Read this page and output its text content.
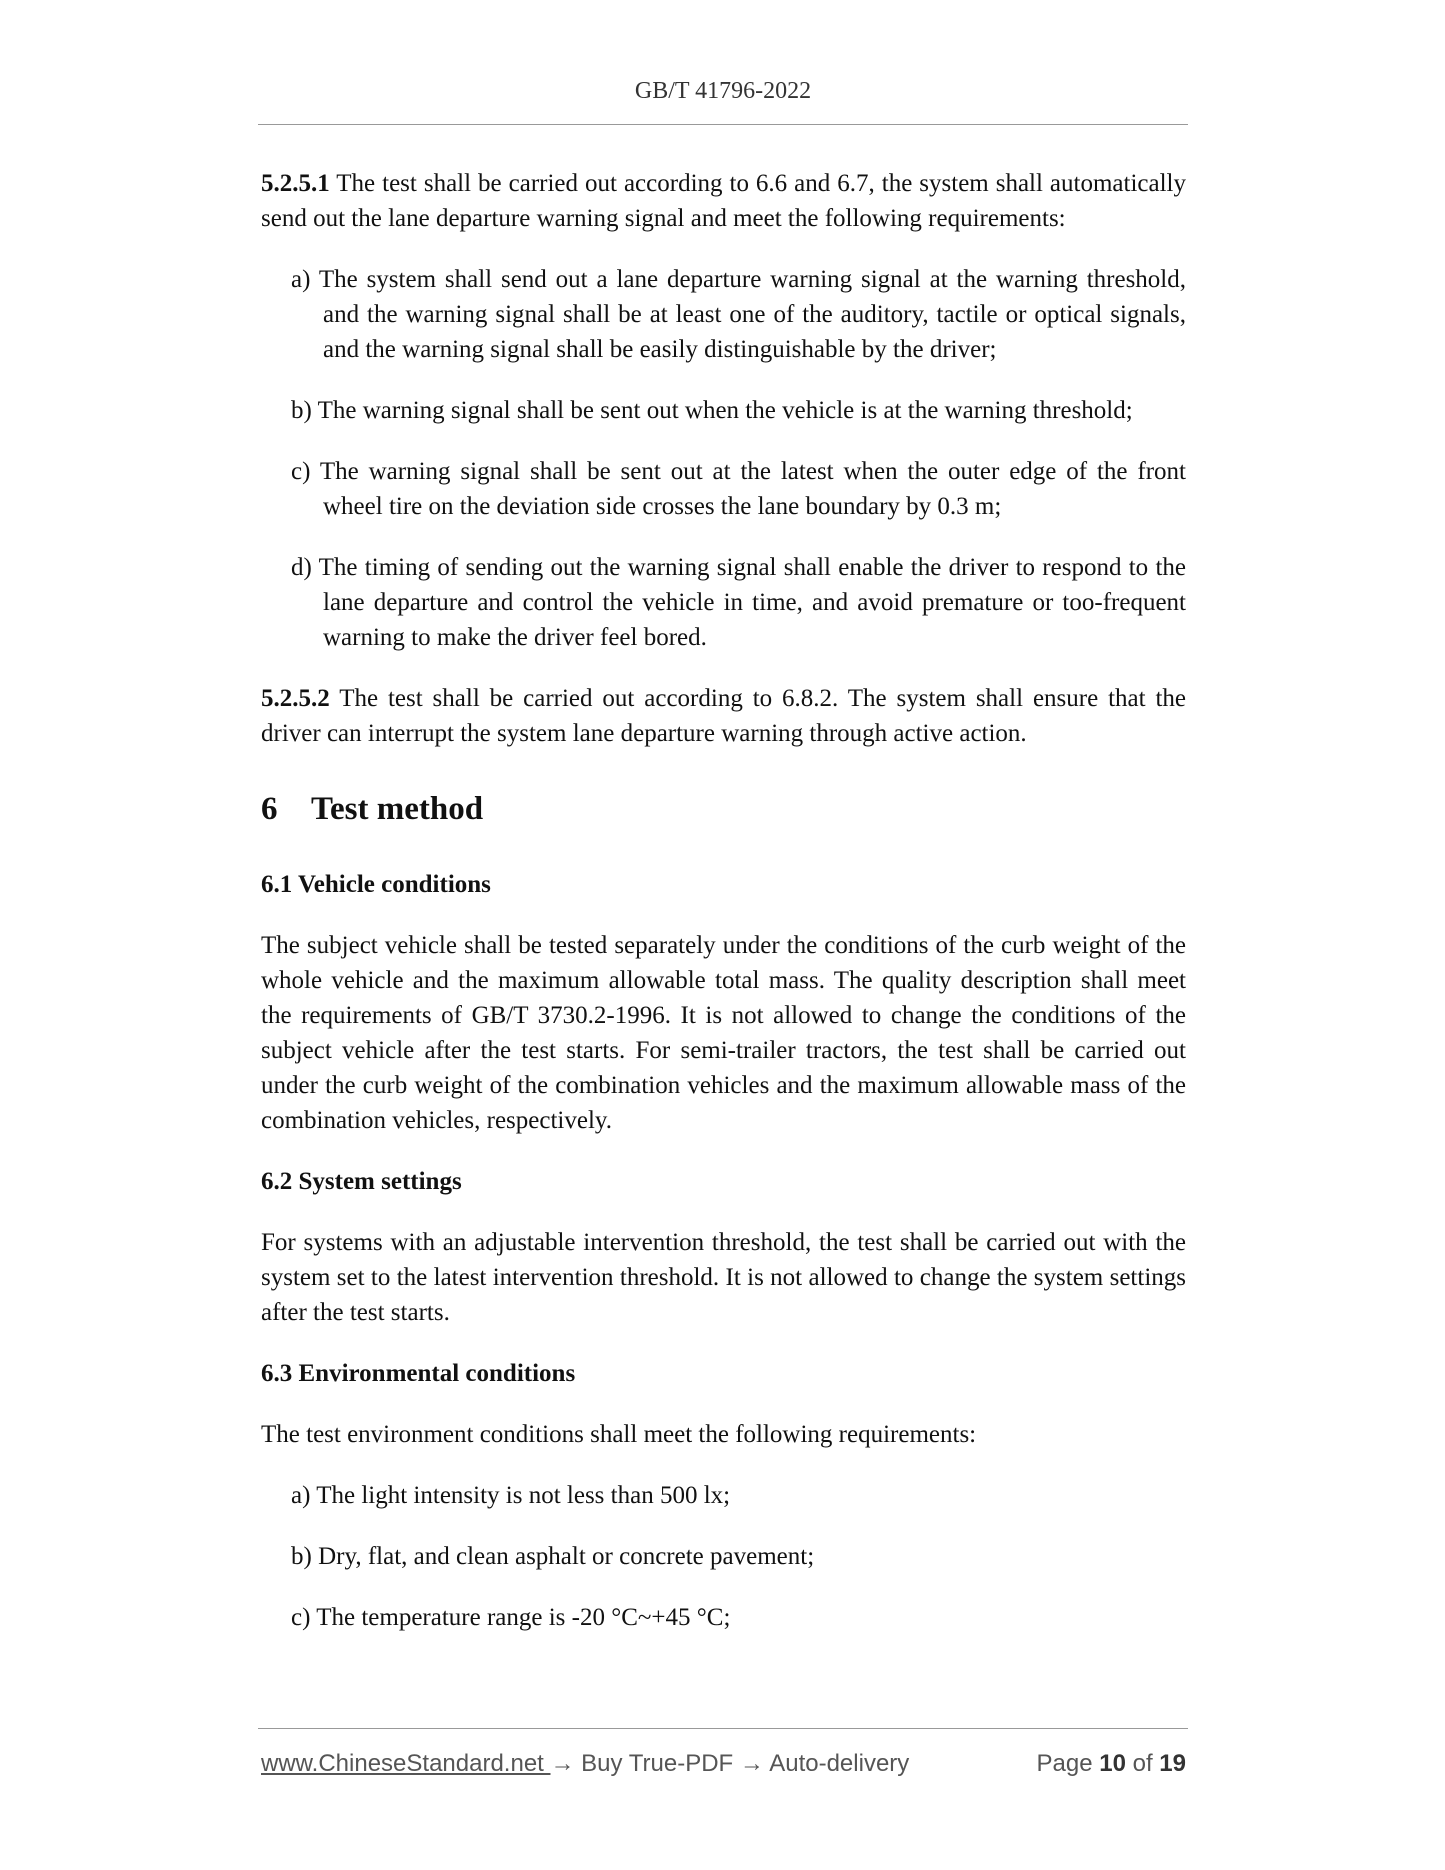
GB/T 41796-2022

5.2.5.1 The test shall be carried out according to 6.6 and 6.7, the system shall automatically send out the lane departure warning signal and meet the following requirements:

a) The system shall send out a lane departure warning signal at the warning threshold, and the warning signal shall be at least one of the auditory, tactile or optical signals, and the warning signal shall be easily distinguishable by the driver;

b) The warning signal shall be sent out when the vehicle is at the warning threshold;

c) The warning signal shall be sent out at the latest when the outer edge of the front wheel tire on the deviation side crosses the lane boundary by 0.3 m;

d) The timing of sending out the warning signal shall enable the driver to respond to the lane departure and control the vehicle in time, and avoid premature or too-frequent warning to make the driver feel bored.

5.2.5.2 The test shall be carried out according to 6.8.2. The system shall ensure that the driver can interrupt the system lane departure warning through active action.

6 Test method

6.1 Vehicle conditions

The subject vehicle shall be tested separately under the conditions of the curb weight of the whole vehicle and the maximum allowable total mass. The quality description shall meet the requirements of GB/T 3730.2-1996. It is not allowed to change the conditions of the subject vehicle after the test starts. For semi-trailer tractors, the test shall be carried out under the curb weight of the combination vehicles and the maximum allowable mass of the combination vehicles, respectively.

6.2 System settings

For systems with an adjustable intervention threshold, the test shall be carried out with the system set to the latest intervention threshold. It is not allowed to change the system settings after the test starts.

6.3 Environmental conditions

The test environment conditions shall meet the following requirements:

a) The light intensity is not less than 500 lx;

b) Dry, flat, and clean asphalt or concrete pavement;

c) The temperature range is -20 °C~+45 °C;

www.ChineseStandard.net → Buy True-PDF → Auto-delivery	Page 10 of 19
